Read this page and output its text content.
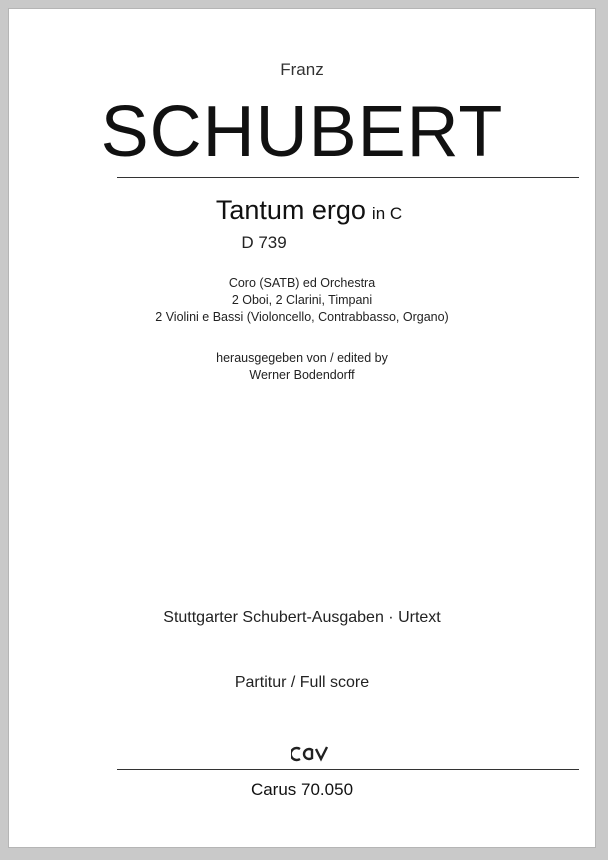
Franz
SCHUBERT
Tantum ergo in C
D 739
Coro (SATB) ed Orchestra
2 Oboi, 2 Clarini, Timpani
2 Violini e Bassi (Violoncello, Contrabbasso, Organo)
herausgegeben von / edited by
Werner Bodendorff
Stuttgarter Schubert-Ausgaben · Urtext
Partitur / Full score
Carus 70.050
